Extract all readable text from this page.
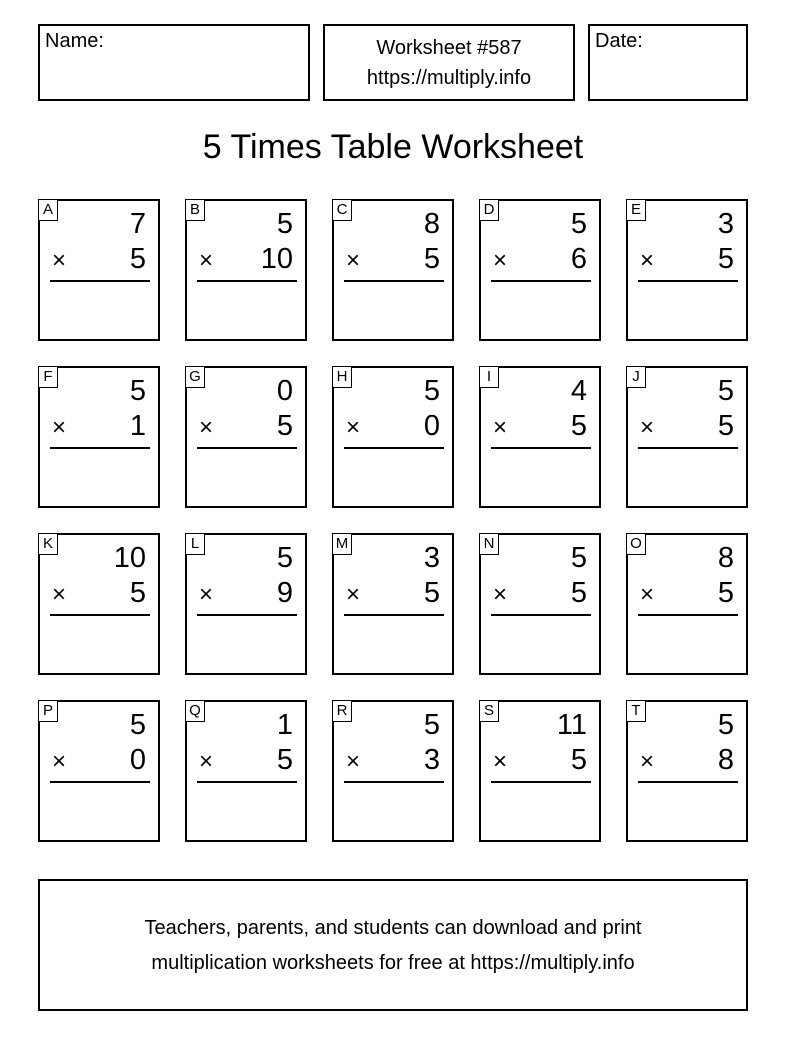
Name:	Worksheet #587
https://multiply.info
Date:
5 Times Table Worksheet
A	7
× 5
B	5
× 10
C	8
× 5
D	5
× 6
E	3
× 5
F	5
× 1
G	0
× 5
H	5
× 0
I	4
× 5
J	5
× 5
K 10
× 5
L	5
× 9
M	3
× 5
N	5
× 5
O	8
× 5
P	5
× 0
Q	1
× 5
R	5
× 3
S 11
× 5
T	5
× 8
Teachers, parents, and students can download and print
multiplication worksheets for free at https://multiply.info
